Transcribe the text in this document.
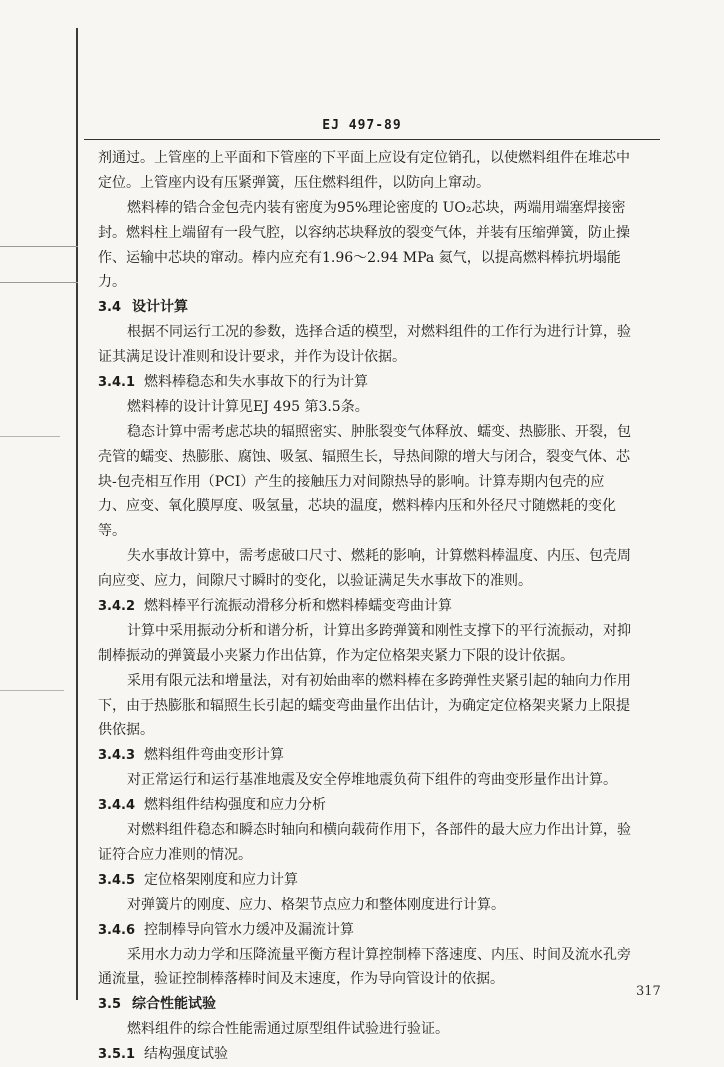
EJ 497-89
剂通过。上管座的上平面和下管座的下平面上应设有定位销孔，以使燃料组件在堆芯中
定位。上管座内设有压紧弹簧，压住燃料组件，以防向上窜动。
燃料棒的锆合金包壳内装有密度为95%理论密度的 UO₂芯块，两端用端塞焊接密
封。燃料柱上端留有一段气腔，以容纳芯块释放的裂变气体，并装有压缩弹簧，防止操
作、运输中芯块的窜动。棒内应充有1.96～2.94 MPa 氦气，以提高燃料棒抗坍塌能
力。
3.4 设计计算
根据不同运行工况的参数，选择合适的模型，对燃料组件的工作行为进行计算，验
证其满足设计准则和设计要求，并作为设计依据。
3.4.1 燃料棒稳态和失水事故下的行为计算
燃料棒的设计计算见EJ 495 第3.5条。
稳态计算中需考虑芯块的辐照密实、肿胀裂变气体释放、蠕变、热膨胀、开裂，包
壳管的蠕变、热膨胀、腐蚀、吸氢、辐照生长，导热间隙的增大与闭合，裂变气体、芯
块-包壳相互作用（PCI）产生的接触压力对间隙热导的影响。计算寿期内包壳的应
力、应变、氧化膜厚度、吸氢量，芯块的温度，燃料棒内压和外径尺寸随燃耗的变化
等。
失水事故计算中，需考虑破口尺寸、燃耗的影响，计算燃料棒温度、内压、包壳周
向应变、应力，间隙尺寸瞬时的变化，以验证满足失水事故下的准则。
3.4.2 燃料棒平行流振动滑移分析和燃料棒蠕变弯曲计算
计算中采用振动分析和谱分析，计算出多跨弹簧和刚性支撑下的平行流振动，对抑
制棒振动的弹簧最小夹紧力作出估算，作为定位格架夹紧力下限的设计依据。
采用有限元法和增量法，对有初始曲率的燃料棒在多跨弹性夹紧引起的轴向力作用
下，由于热膨胀和辐照生长引起的蠕变弯曲量作出估计，为确定定位格架夹紧力上限提
供依据。
3.4.3 燃料组件弯曲变形计算
对正常运行和运行基准地震及安全停堆地震负荷下组件的弯曲变形量作出计算。
3.4.4 燃料组件结构强度和应力分析
对燃料组件稳态和瞬态时轴向和横向载荷作用下，各部件的最大应力作出计算，验
证符合应力准则的情况。
3.4.5 定位格架刚度和应力计算
对弹簧片的刚度、应力、格架节点应力和整体刚度进行计算。
3.4.6 控制棒导向管水力缓冲及漏流计算
采用水力动力学和压降流量平衡方程计算控制棒下落速度、内压、时间及流水孔旁
通流量，验证控制棒落棒时间及末速度，作为导向管设计的依据。
3.5 综合性能试验
燃料组件的综合性能需通过原型组件试验进行验证。
3.5.1 结构强度试验
317
